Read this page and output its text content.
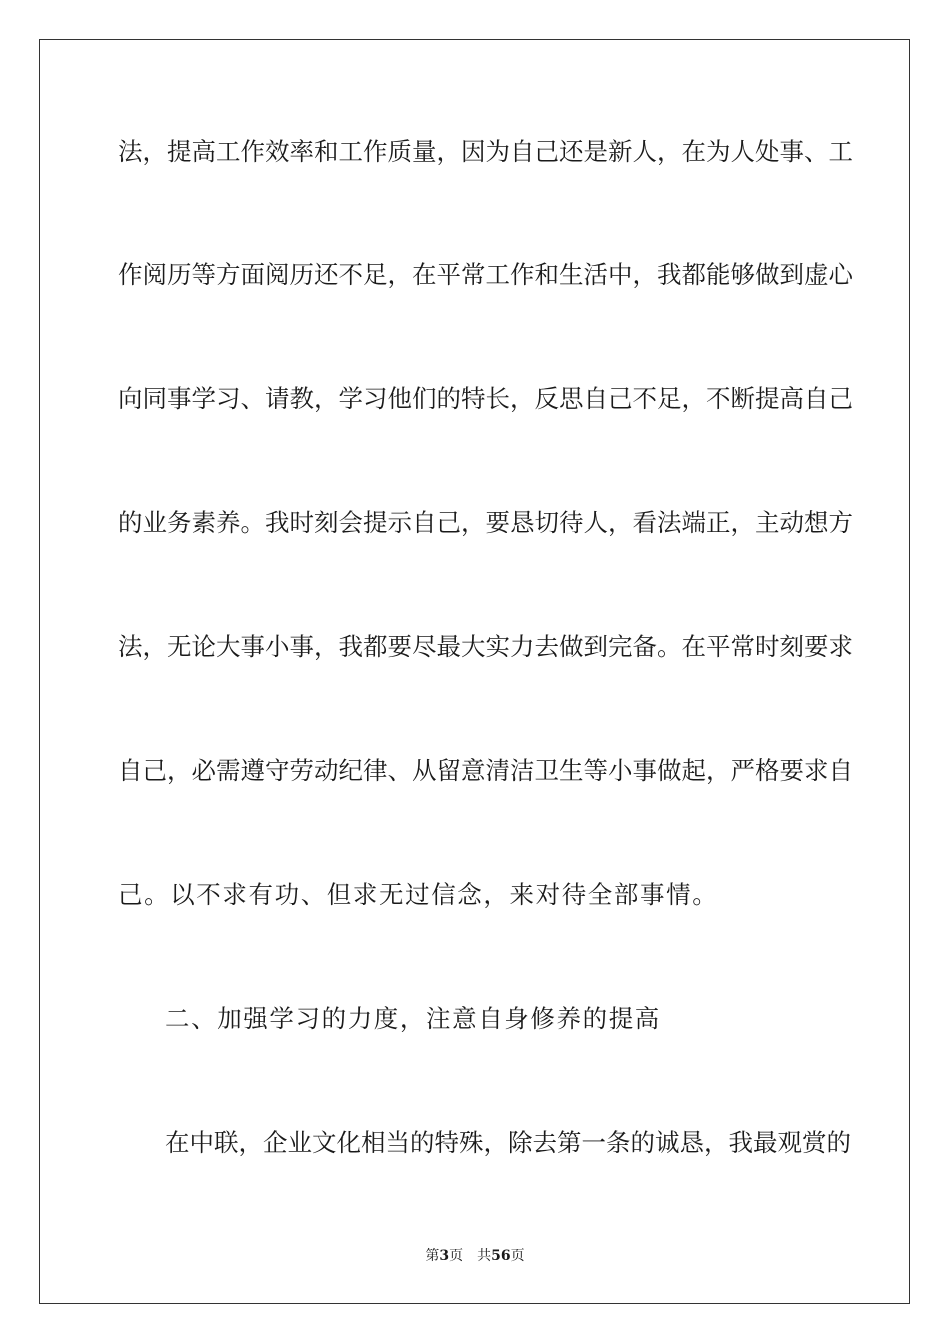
法，提高工作效率和工作质量，因为自己还是新人，在为人处事、工
作阅历等方面阅历还不足，在平常工作和生活中，我都能够做到虚心
向同事学习、请教，学习他们的特长，反思自己不足，不断提高自己
的业务素养。我时刻会提示自己，要恳切待人，看法端正，主动想方
法，无论大事小事，我都要尽最大实力去做到完备。在平常时刻要求
自己，必需遵守劳动纪律、从留意清洁卫生等小事做起，严格要求自
己。以不求有功、但求无过信念，来对待全部事情。
二、加强学习的力度，注意自身修养的提高
在中联，企业文化相当的特殊，除去第一条的诚恳，我最观赏的
第3页 共56页
